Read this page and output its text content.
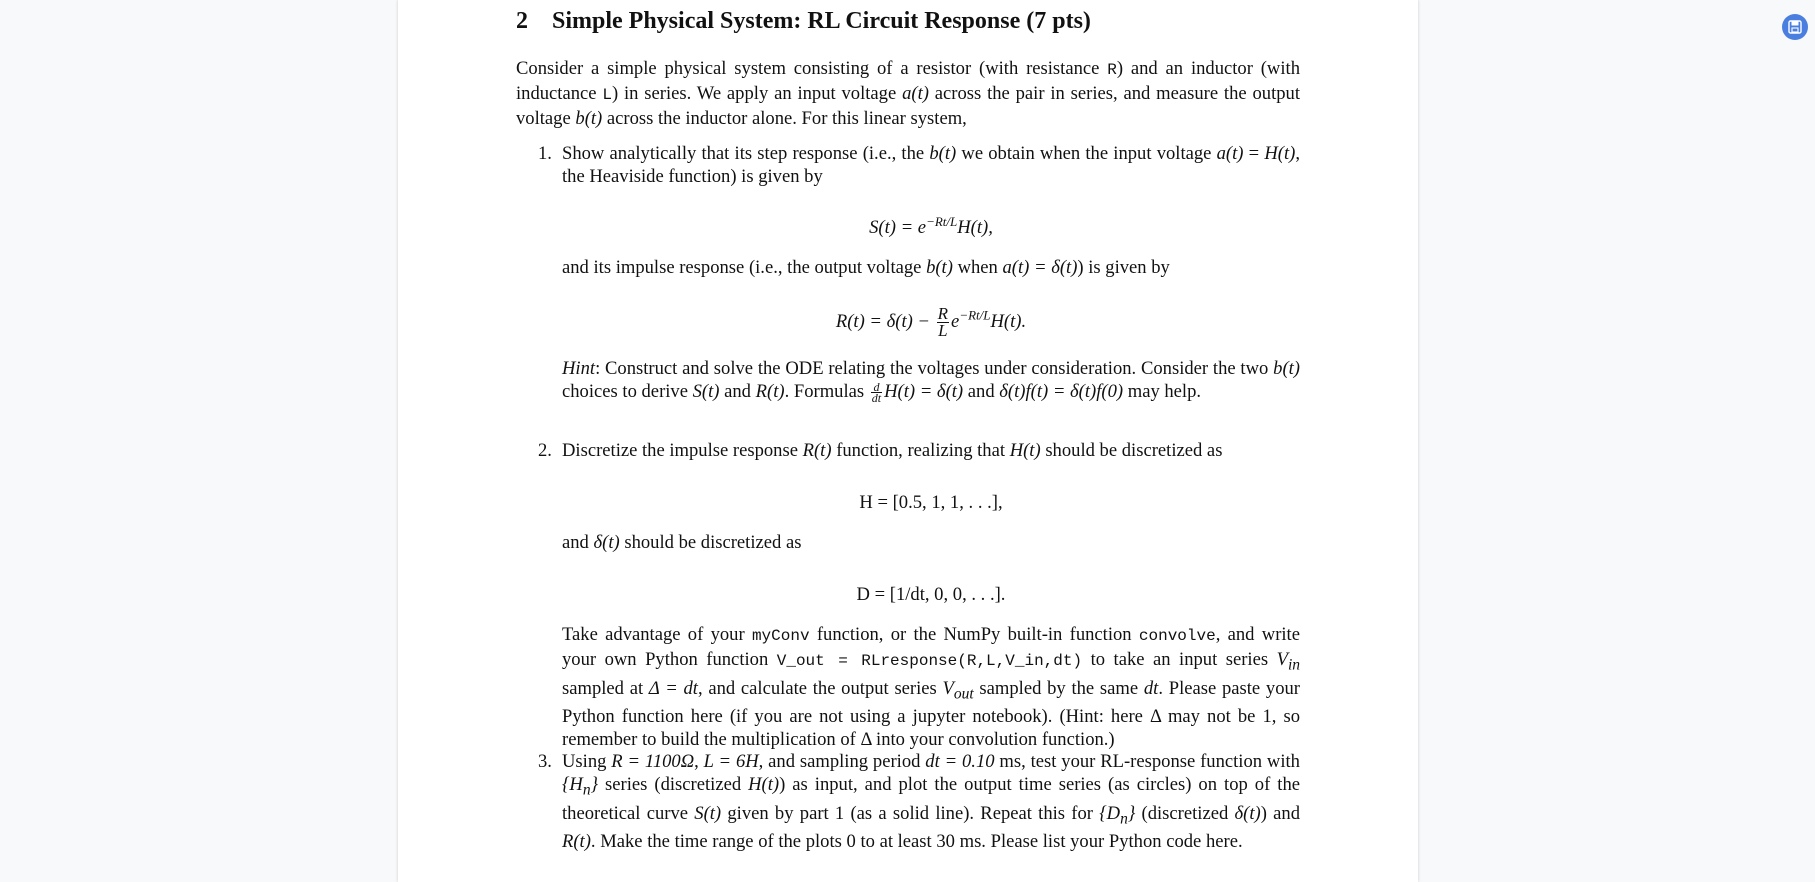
2 Simple Physical System: RL Circuit Response (7 pts)
Consider a simple physical system consisting of a resistor (with resistance R) and an inductor (with inductance L) in series. We apply an input voltage a(t) across the pair in series, and measure the output voltage b(t) across the inductor alone. For this linear system,
1. Show analytically that its step response (i.e., the b(t) we obtain when the input voltage a(t) = H(t), the Heaviside function) is given by
$S(t) = e^{-Rt/L}H(t)$,
and its impulse response (i.e., the output voltage b(t) when a(t) = δ(t)) is given by
$R(t) = \delta(t) - \frac{R}{L} e^{-Rt/L}H(t)$.
Hint: Construct and solve the ODE relating the voltages under consideration. Consider the two b(t) choices to derive S(t) and R(t). Formulas $\frac{d}{dt} H(t) = \delta(t)$ and δ(t)f(t) = δ(t)f(0) may help.
2. Discretize the impulse response R(t) function, realizing that H(t) should be discretized as
H = [0.5, 1, 1, . . .],
and δ(t) should be discretized as
D = [1/dt, 0, 0, . . .].
Take advantage of your myConv function, or the NumPy built-in function convolve, and write your own Python function V_out = RLresponse(R,L,V_in,dt) to take an input series $V_{in}$ sampled at Δ = dt, and calculate the output series $V_{out}$ sampled by the same dt. Please paste your Python function here (if you are not using a jupyter notebook). (Hint: here Δ may not be 1, so remember to build the multiplication of Δ into your convolution function.)
3. Using R = 1100Ω, L = 6H, and sampling period dt = 0.10 ms, test your RL-response function with $\{H_n\}$ series (discretized H(t)) as input, and plot the output time series (as circles) on top of the theoretical curve S(t) given by part 1 (as a solid line). Repeat this for $\{D_n\}$ (discretized δ(t)) and R(t). Make the time range of the plots 0 to at least 30 ms. Please list your Python code here.
